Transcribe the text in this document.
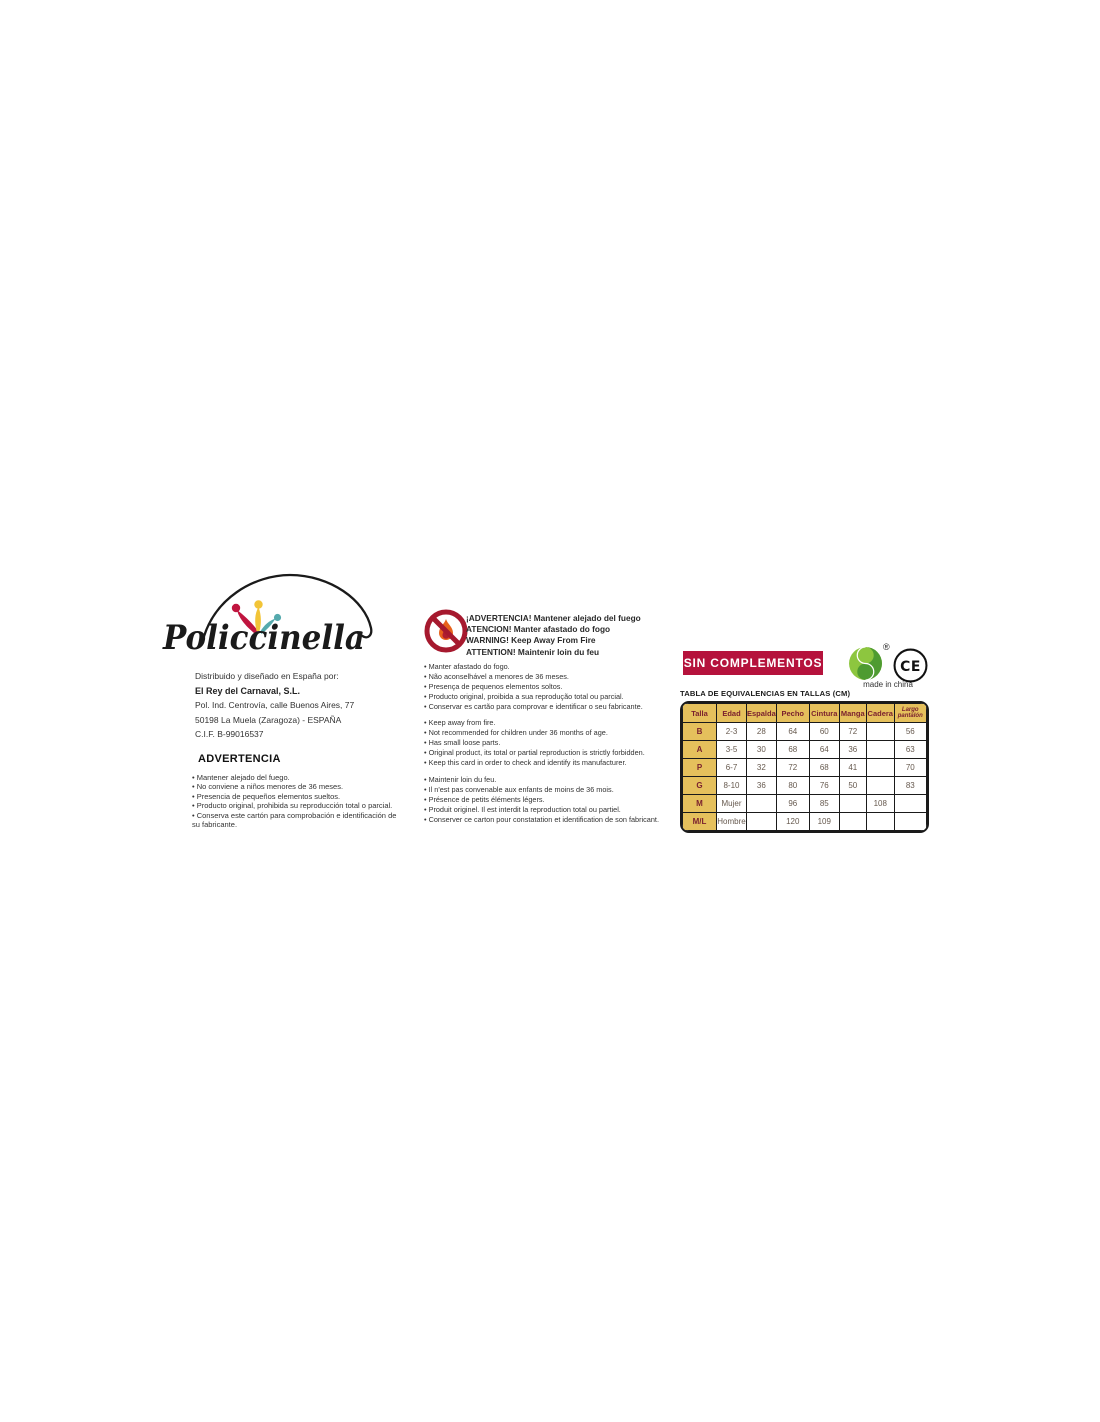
Policcinella
Distribuido y diseñado en España por:
El Rey del Carnaval, S.L.
Pol. Ind. Centrovía, calle Buenos Aires, 77
50198 La Muela (Zaragoza) - ESPAÑA
C.I.F. B-99016537
ADVERTENCIA
• Mantener alejado del fuego.
• No conviene a niños menores de 36 meses.
• Presencia de pequeños elementos sueltos.
• Producto original, prohibida su reproducción total o parcial.
• Conserva este cartón para comprobación e identificación de su fabricante.
¡ADVERTENCIA! Mantener alejado del fuego
ATENCION! Manter afastado do fogo
WARNING! Keep Away From Fire
ATTENTION! Maintenir loin du feu
• Manter afastado do fogo.
• Não aconselhável a menores de 36 meses.
• Presença de pequenos elementos soltos.
• Producto original, proibida a sua reprodução total ou parcial.
• Conservar es cartão para comprovar e identificar o seu fabricante.
• Keep away from fire.
• Not recommended for children under 36 months of age.
• Has small loose parts.
• Original product, its total or partial reproduction is strictly forbidden.
• Keep this card in order to check and identify its manufacturer.
• Maintenir loin du feu.
• Il n'est pas convenable aux enfants de moins de 36 mois.
• Présence de petits éléments légers.
• Produit originel. Il est interdit la reproduction total ou partiel.
• Conserver ce carton pour constatation et identification de son fabricant.
SIN COMPLEMENTOS
®
CE
made in china
TABLA DE EQUIVALENCIAS EN TALLAS (CM)
Talla	Edad	Espalda	Pecho	Cintura	Manga	Cadera	Largo pantalón
B	2-3	28	64	60	72		56
A	3-5	30	68	64	36		63
P	6-7	32	72	68	41		70
G	8-10	36	80	76	50		83
M	Mujer		96	85		108	
M/L	Hombre		120	109			
